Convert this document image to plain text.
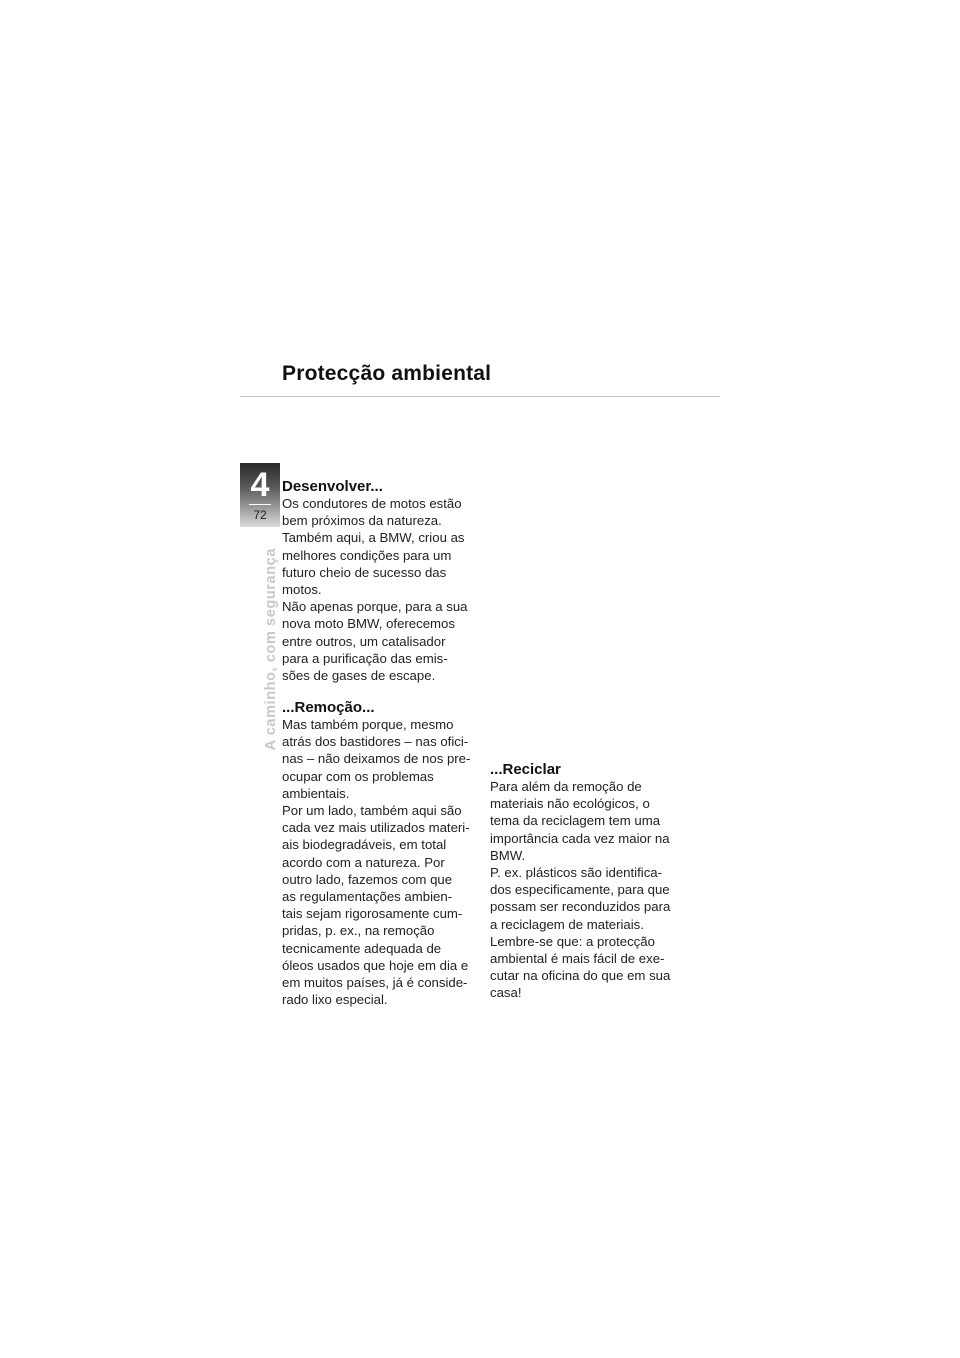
Protecção ambiental
4
72
A caminho, com segurança
Desenvolver...

Os condutores de motos estão
bem próximos da natureza.
Também aqui, a BMW, criou as
melhores condições para um
futuro cheio de sucesso das
motos.
Não apenas porque, para a sua
nova moto BMW, oferecemos
entre outros, um catalisador
para a purificação das emis-
sões de gases de escape.

...Remoção...

Mas também porque, mesmo
atrás dos bastidores – nas ofici-
nas – não deixamos de nos pre-
ocupar com os problemas
ambientais.
Por um lado, também aqui são
cada vez mais utilizados materi-
ais biodegradáveis, em total
acordo com a natureza. Por
outro lado, fazemos com que
as regulamentações ambien-
tais sejam rigorosamente cum-
pridas, p. ex., na remoção
tecnicamente adequada de
óleos usados que hoje em dia e
em muitos países, já é conside-
rado lixo especial.

...Reciclar

Para além da remoção de
materiais não ecológicos, o
tema da reciclagem tem uma
importância cada vez maior na
BMW.
P. ex. plásticos são identifica-
dos especificamente, para que
possam ser reconduzidos para
a reciclagem de materiais.
Lembre-se que: a protecção
ambiental é mais fácil de exe-
cutar na oficina do que em sua
casa!
